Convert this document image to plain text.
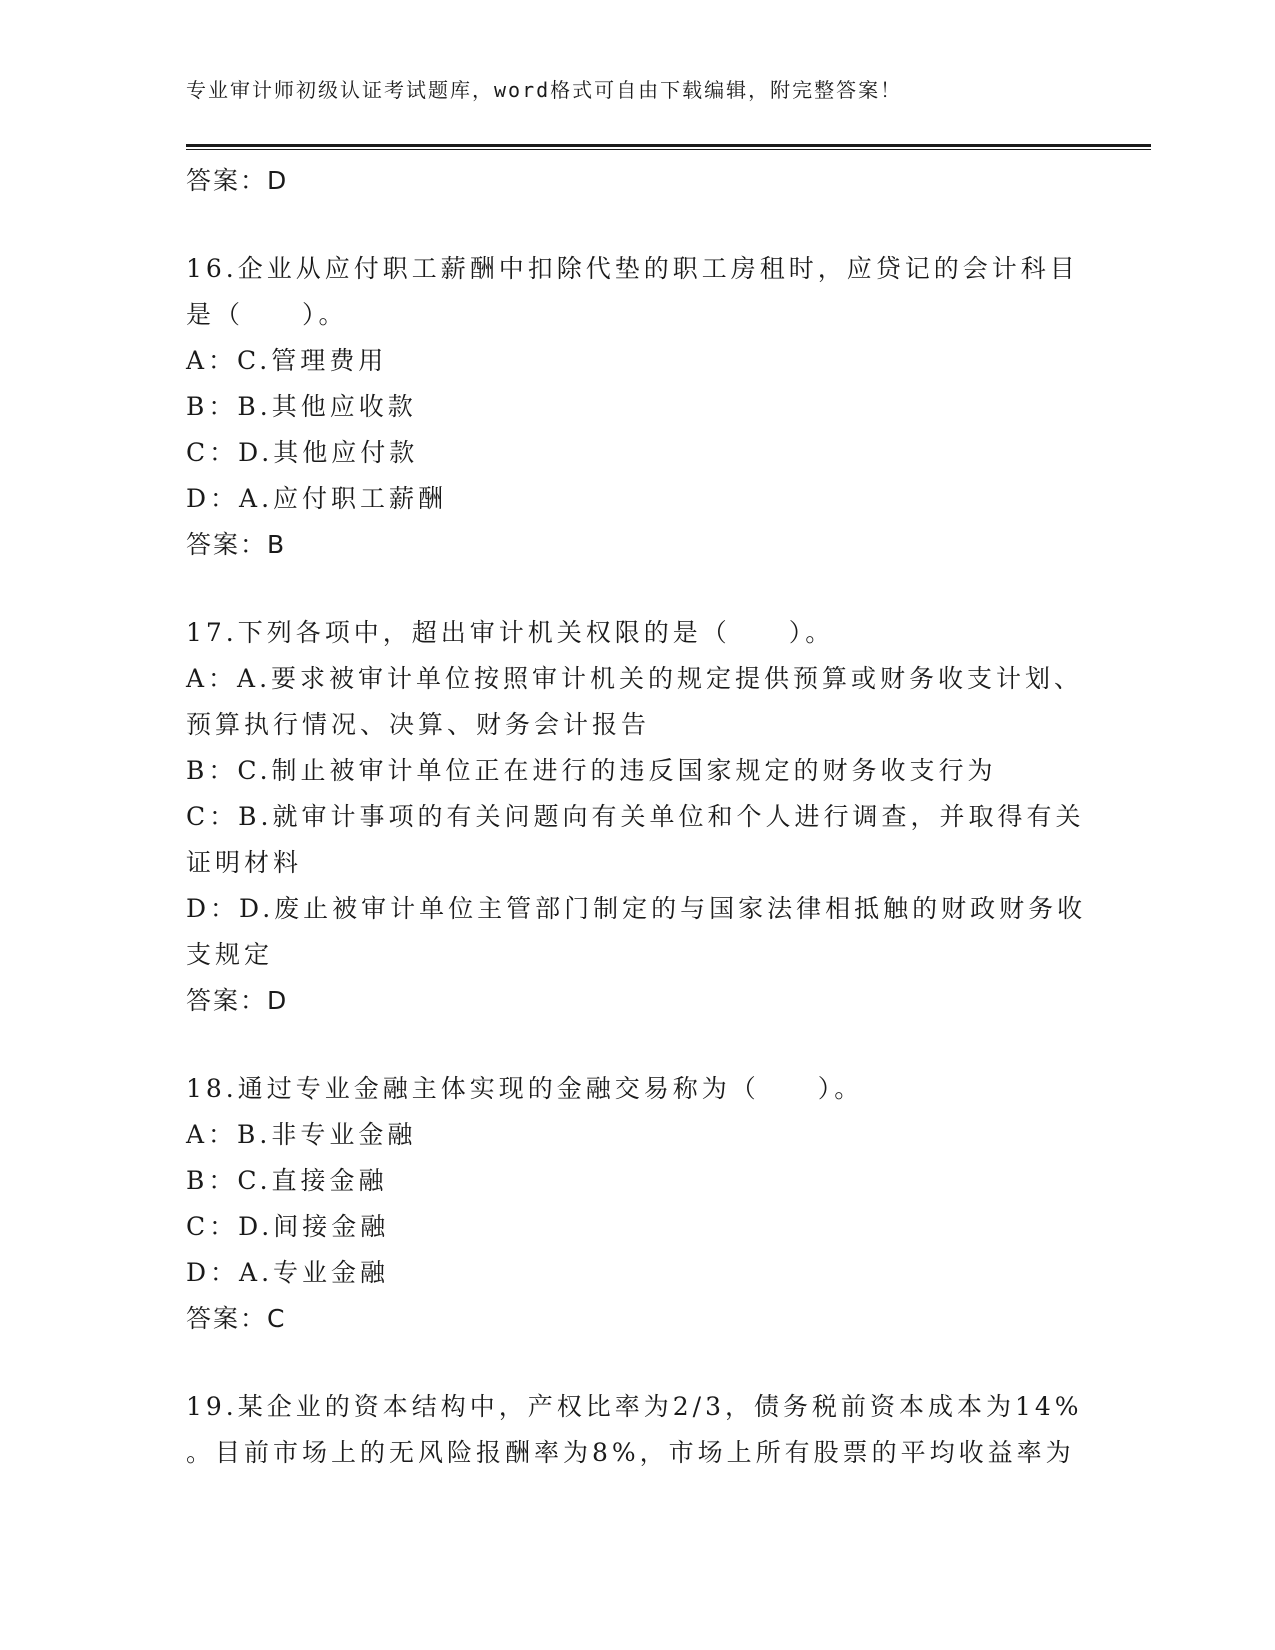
专业审计师初级认证考试题库，word格式可自由下载编辑，附完整答案！
答案：D
16.企业从应付职工薪酬中扣除代垫的职工房租时，应贷记的会计科目
是（　　）。
A：C.管理费用
B：B.其他应收款
C：D.其他应付款
D：A.应付职工薪酬
答案：B
17.下列各项中，超出审计机关权限的是（　　）。
A：A.要求被审计单位按照审计机关的规定提供预算或财务收支计划、
预算执行情况、决算、财务会计报告
B：C.制止被审计单位正在进行的违反国家规定的财务收支行为
C：B.就审计事项的有关问题向有关单位和个人进行调查，并取得有关
证明材料
D：D.废止被审计单位主管部门制定的与国家法律相抵触的财政财务收
支规定
答案：D
18.通过专业金融主体实现的金融交易称为（　　）。
A：B.非专业金融
B：C.直接金融
C：D.间接金融
D：A.专业金融
答案：C
19.某企业的资本结构中，产权比率为2/3，债务税前资本成本为14%
。目前市场上的无风险报酬率为8%，市场上所有股票的平均收益率为
